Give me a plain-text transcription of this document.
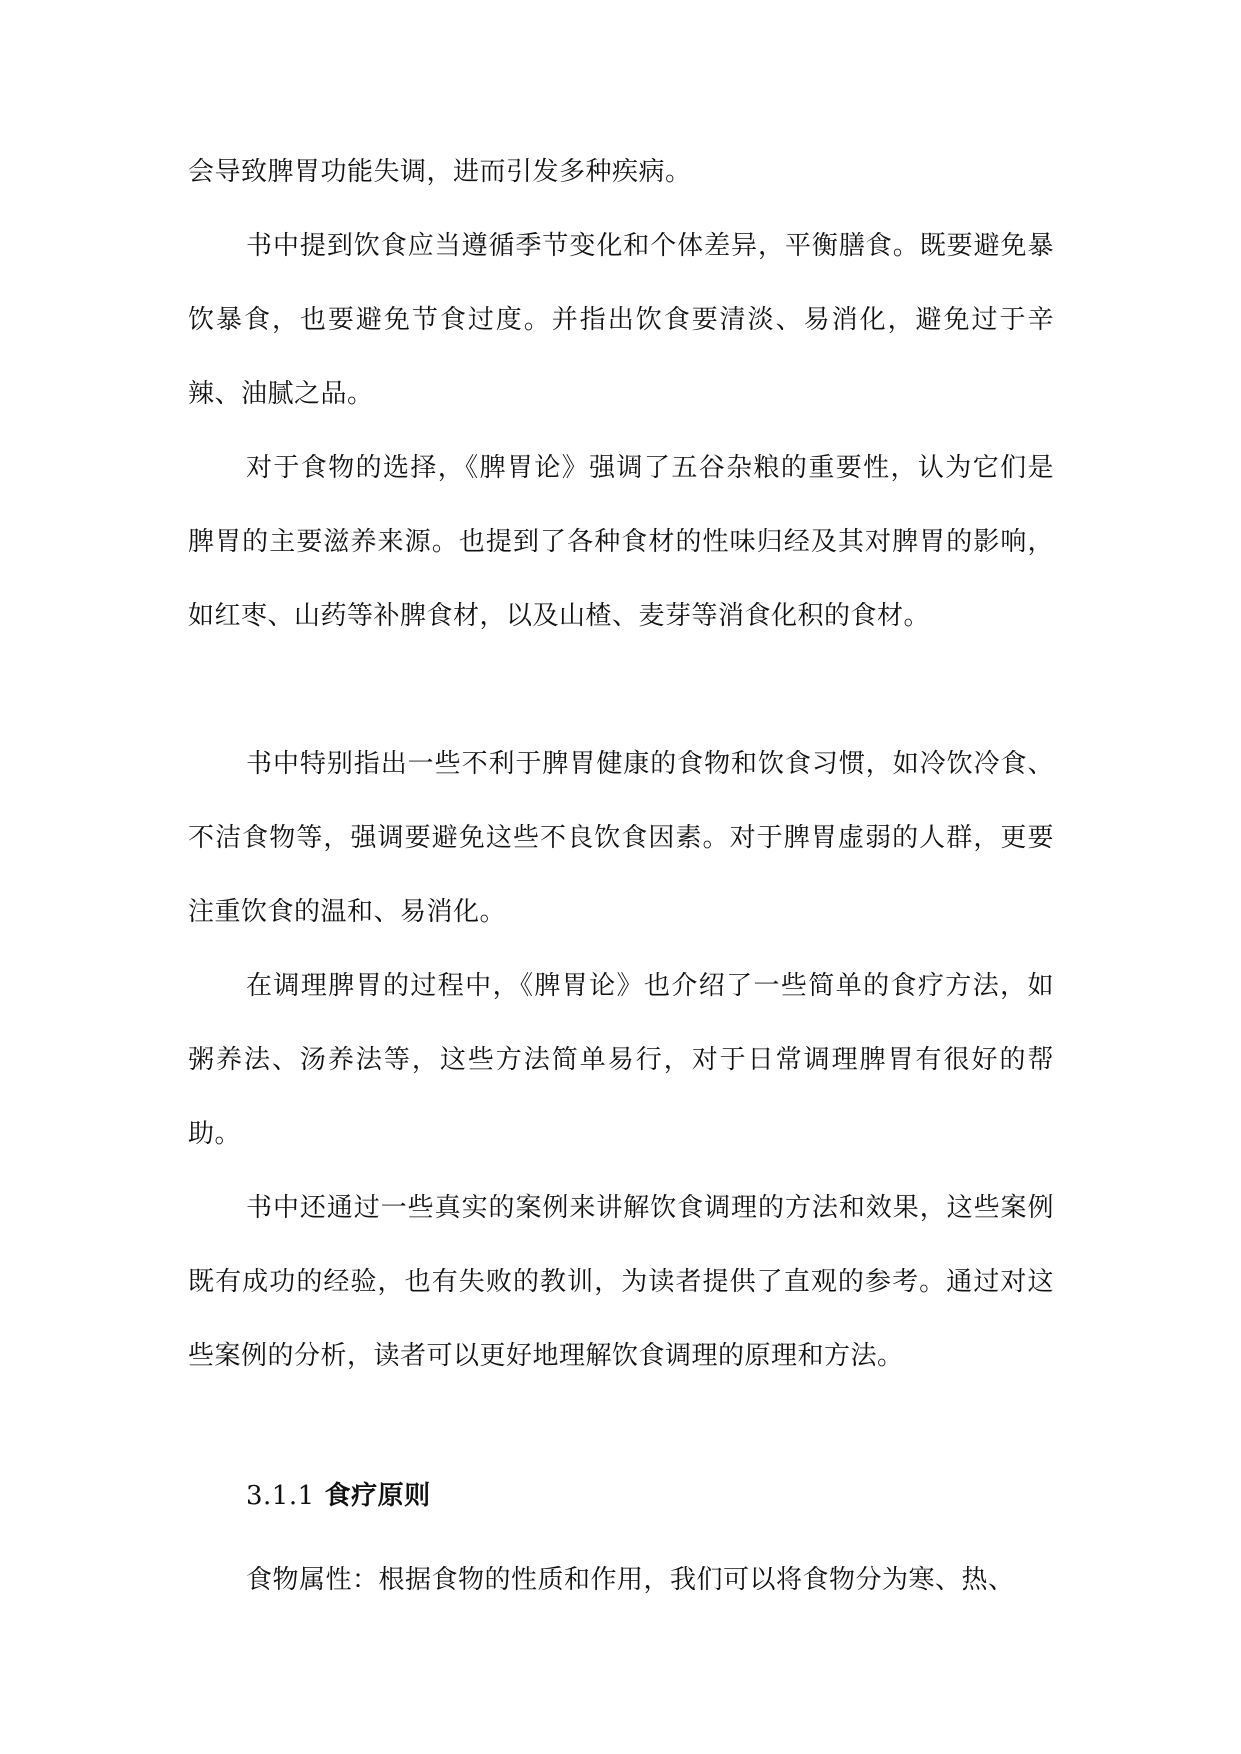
会导致脾胃功能失调，进而引发多种疾病。

书中提到饮食应当遵循季节变化和个体差异，平衡膳食。既要避免暴饮暴食，也要避免节食过度。并指出饮食要清淡、易消化，避免过于辛辣、油腻之品。

对于食物的选择，《脾胃论》强调了五谷杂粮的重要性，认为它们是脾胃的主要滋养来源。也提到了各种食材的性味归经及其对脾胃的影响，如红枣、山药等补脾食材，以及山楂、麦芽等消食化积的食材。

书中特别指出一些不利于脾胃健康的食物和饮食习惯，如冷饮冷食、不洁食物等，强调要避免这些不良饮食因素。对于脾胃虚弱的人群，更要注重饮食的温和、易消化。

在调理脾胃的过程中，《脾胃论》也介绍了一些简单的食疗方法，如粥养法、汤养法等，这些方法简单易行，对于日常调理脾胃有很好的帮助。

书中还通过一些真实的案例来讲解饮食调理的方法和效果，这些案例既有成功的经验，也有失败的教训，为读者提供了直观的参考。通过对这些案例的分析，读者可以更好地理解饮食调理的原理和方法。

3.1.1 食疗原则

食物属性：根据食物的性质和作用，我们可以将食物分为寒、热、
